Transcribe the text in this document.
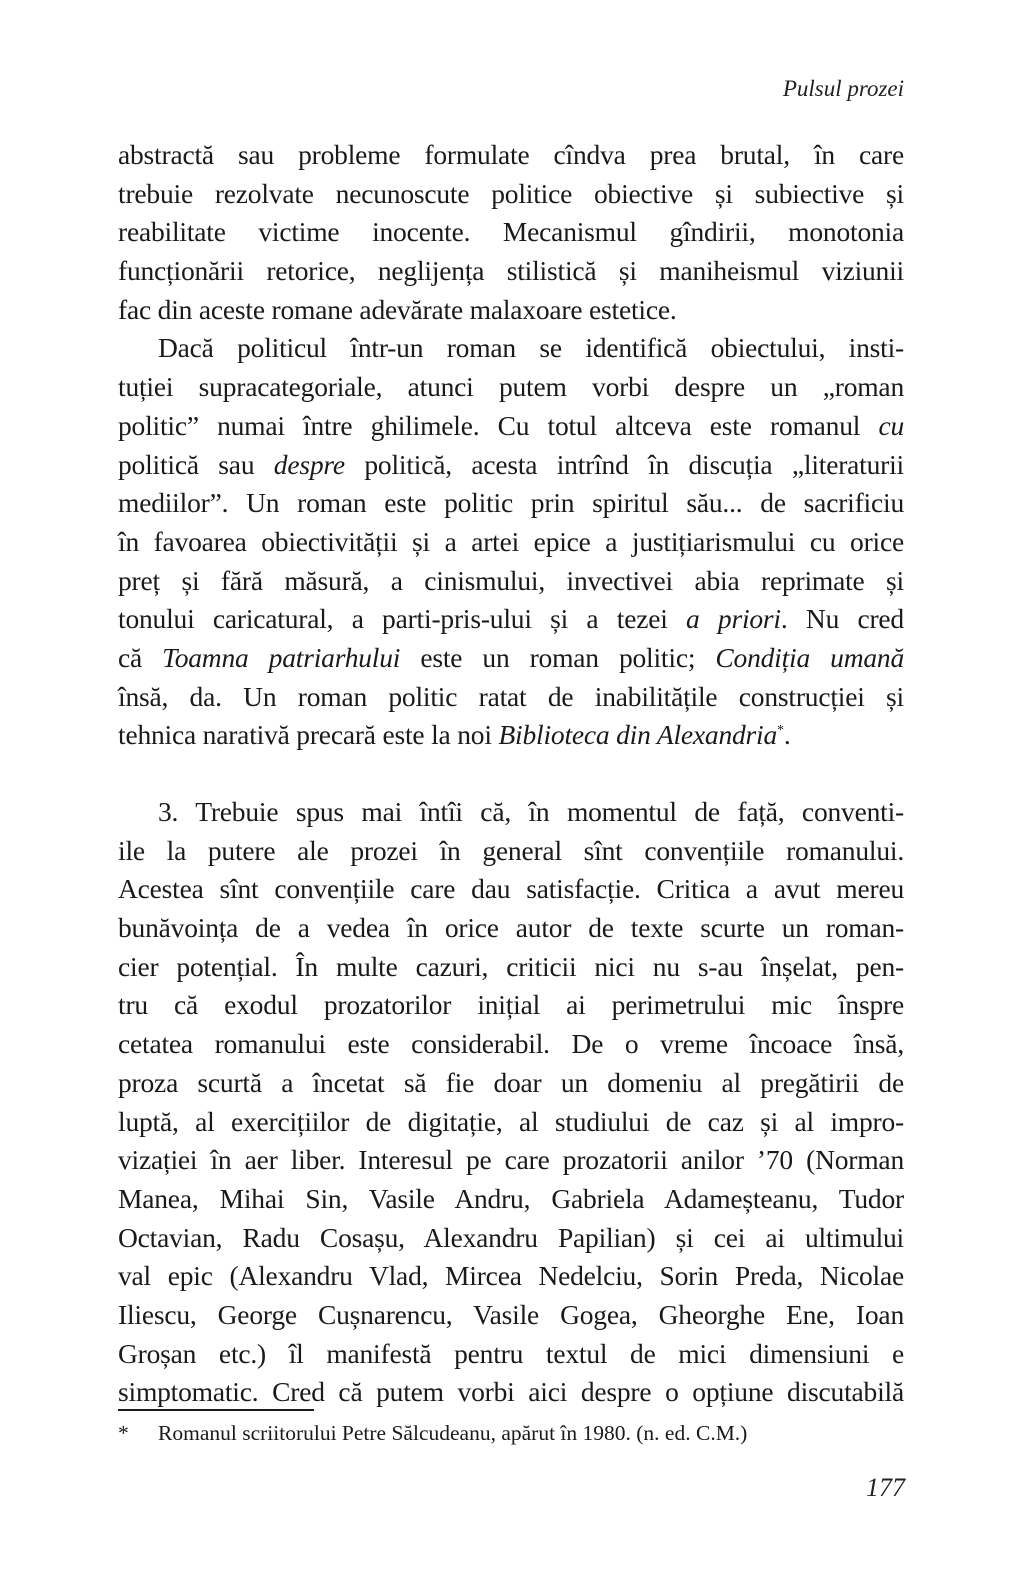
Pulsul prozei
abstractă sau probleme formulate cîndva prea brutal, în care
trebuie rezolvate necunoscute politice obiective și subiective și
reabilitate victime inocente. Mecanismul gîndirii, monotonia
funcționării retorice, neglijența stilistică și maniheismul viziunii
fac din aceste romane adevărate malaxoare estetice.
Dacă politicul într-un roman se identifică obiectului, insti-
tuției supracategoriale, atunci putem vorbi despre un „roman
politic” numai între ghilimele. Cu totul altceva este romanul cu
politică sau despre politică, acesta intrînd în discuția „literaturii
mediilor”. Un roman este politic prin spiritul său... de sacrificiu
în favoarea obiectivității și a artei epice a justițiarismului cu orice
preț și fără măsură, a cinismului, invectivei abia reprimate și
tonului caricatural, a parti-pris-ului și a tezei a priori. Nu cred
că Toamna patriarhului este un roman politic; Condiția umană
însă, da. Un roman politic ratat de inabilitățile construcției și
tehnica narativă precară este la noi Biblioteca din Alexandria*.
3. Trebuie spus mai întîi că, în momentul de față, conventi-
ile la putere ale prozei în general sînt convențiile romanului.
Acestea sînt convențiile care dau satisfacție. Critica a avut mereu
bunăvoința de a vedea în orice autor de texte scurte un roman-
cier potențial. În multe cazuri, criticii nici nu s-au înșelat, pen-
tru că exodul prozatorilor inițial ai perimetrului mic înspre
cetatea romanului este considerabil. De o vreme încoace însă,
proza scurtă a încetat să fie doar un domeniu al pregătirii de
luptă, al exercițiilor de digitație, al studiului de caz și al impro-
vizației în aer liber. Interesul pe care prozatorii anilor ’70 (Norman
Manea, Mihai Sin, Vasile Andru, Gabriela Adameșteanu, Tudor
Octavian, Radu Cosașu, Alexandru Papilian) și cei ai ultimului
val epic (Alexandru Vlad, Mircea Nedelciu, Sorin Preda, Nicolae
Iliescu, George Cușnarencu, Vasile Gogea, Gheorghe Ene, Ioan
Groșan etc.) îl manifestă pentru textul de mici dimensiuni e
simptomatic. Cred că putem vorbi aici despre o opțiune discutabilă
* Romanul scriitorului Petre Sălcudeanu, apărut în 1980. (n. ed. C.M.)
177
